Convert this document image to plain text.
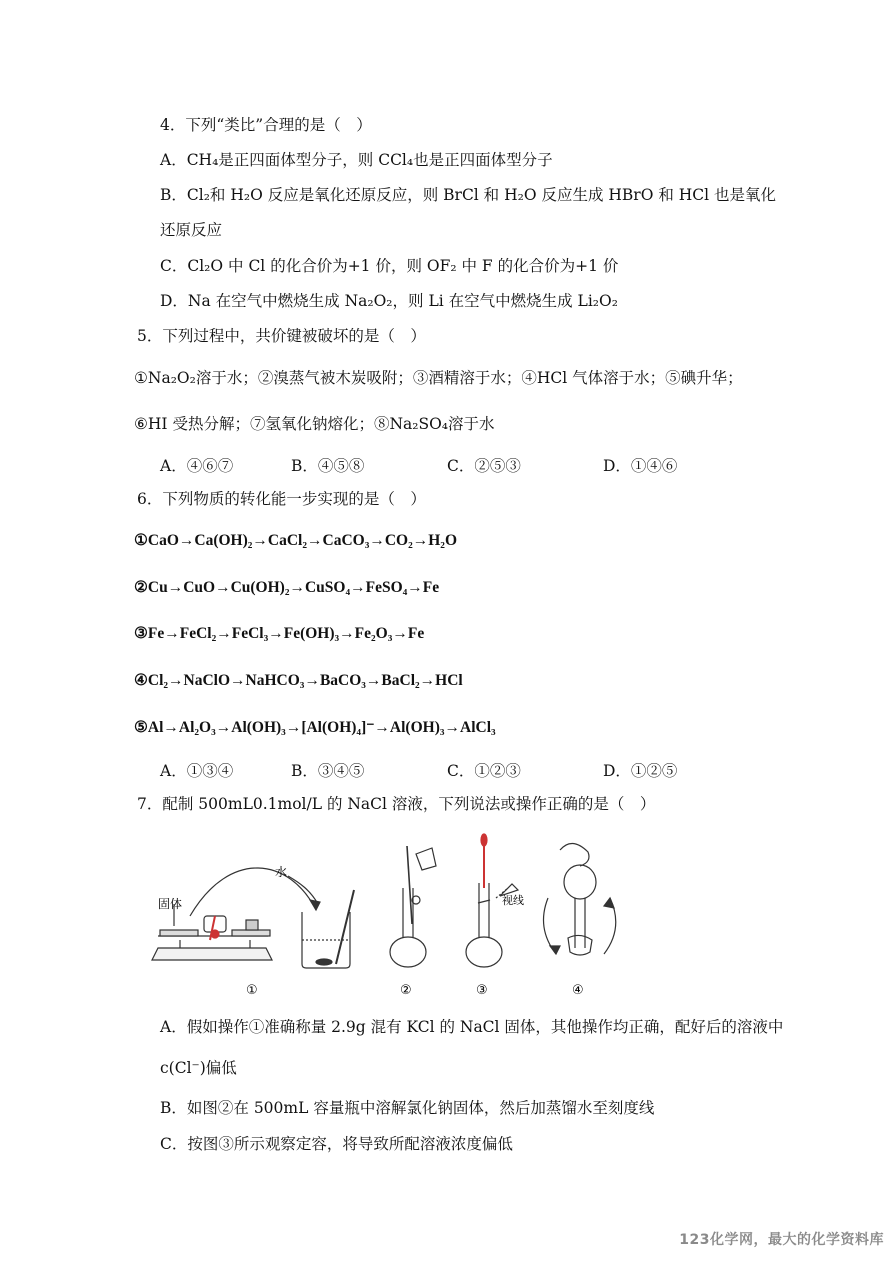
4．下列“类比”合理的是（　）
A．CH₄是正四面体型分子，则 CCl₄也是正四面体型分子
B．Cl₂和 H₂O 反应是氧化还原反应，则 BrCl 和 H₂O 反应生成 HBrO 和 HCl 也是氧化
还原反应
C．Cl₂O 中 Cl 的化合价为+1 价，则 OF₂ 中 F 的化合价为+1 价
D．Na 在空气中燃烧生成 Na₂O₂，则 Li 在空气中燃烧生成 Li₂O₂
5．下列过程中，共价键被破坏的是（　）
①Na₂O₂溶于水；②溴蒸气被木炭吸附；③酒精溶于水；④HCl 气体溶于水；⑤碘升华；
⑥HI 受热分解；⑦氢氧化钠熔化；⑧Na₂SO₄溶于水
A．④⑥⑦	B．④⑤⑧	C．②⑤③	D．①④⑥
6．下列物质的转化能一步实现的是（　）
①CaO→Ca(OH)₂→CaCl₂→CaCO₃→CO₂→H₂O
②Cu→CuO→Cu(OH)₂→CuSO₄→FeSO₄→Fe
③Fe→FeCl₂→FeCl₃→Fe(OH)₃→Fe₂O₃→Fe
④Cl₂→NaClO→NaHCO₃→BaCO₃→BaCl₂→HCl
⑤Al→Al₂O₃→Al(OH)₃→[Al(OH)₄]⁻→Al(OH)₃→AlCl₃
A．①③④	B．③④⑤	C．①②③	D．①②⑤
7．配制 500mL0.1mol/L 的 NaCl 溶液，下列说法或操作正确的是（　）
固体
水
视线
①	②	③	④
A．假如操作①准确称量 2.9g 混有 KCl 的 NaCl 固体，其他操作均正确，配好后的溶液中
c(Cl⁻)偏低
B．如图②在 500mL 容量瓶中溶解氯化钠固体，然后加蒸馏水至刻度线
C．按图③所示观察定容，将导致所配溶液浓度偏低
123化学网，最大的化学资料库
